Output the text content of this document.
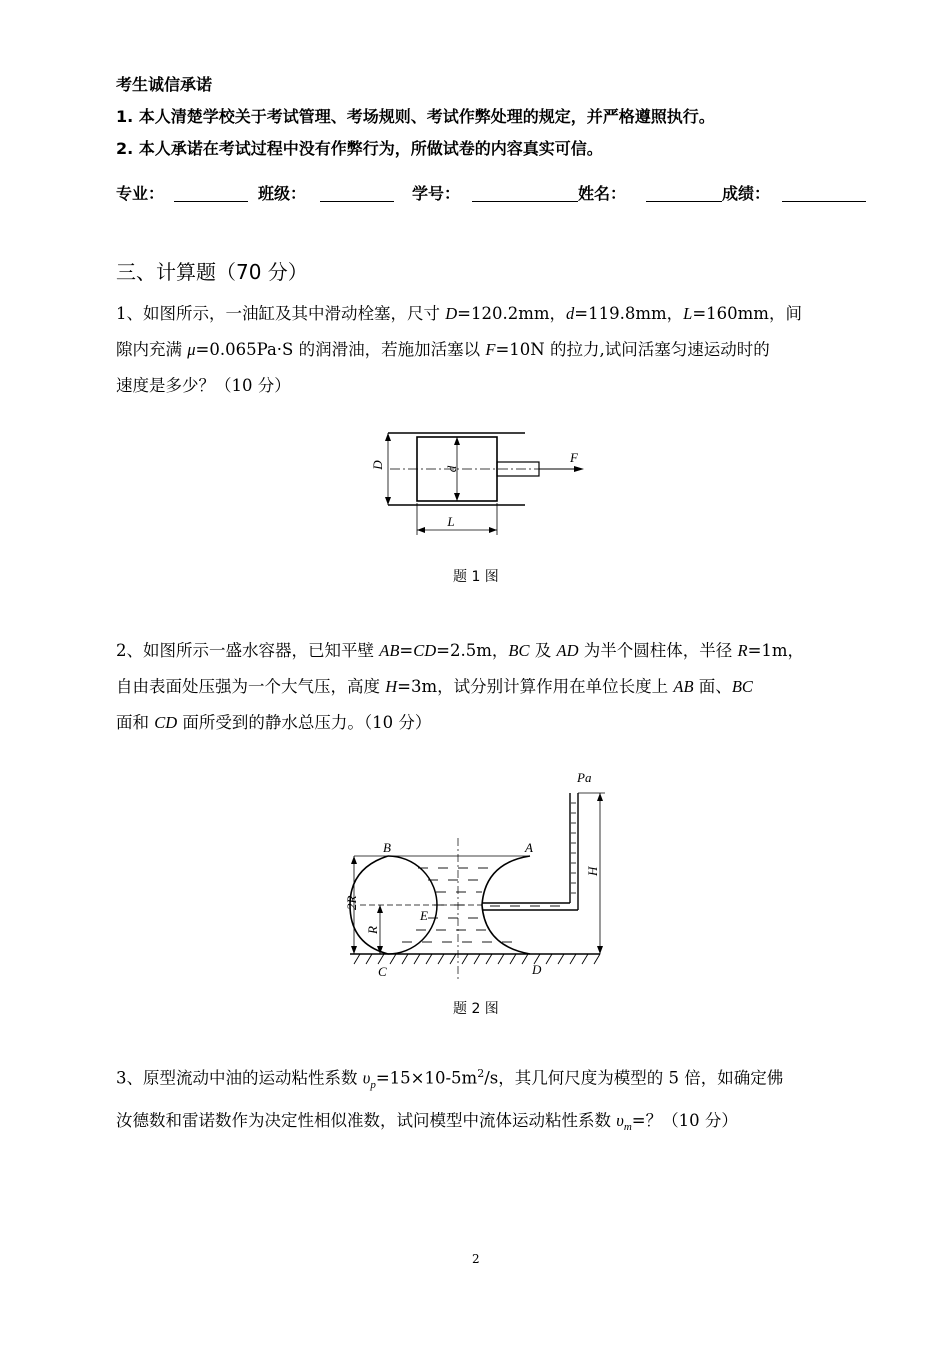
考生诚信承诺
1. 本人清楚学校关于考试管理、考场规则、考试作弊处理的规定，并严格遵照执行。
2. 本人承诺在考试过程中没有作弊行为，所做试卷的内容真实可信。
专业：	班级：	学号：	姓名：	成绩：
三、计算题（70 分）
1、如图所示，一油缸及其中滑动栓塞，尺寸 D=120.2mm，d=119.8mm，L=160mm，间
隙内充满 μ=0.065Pa·S 的润滑油，若施加活塞以 F=10N 的拉力,试问活塞匀速运动时的
速度是多少？（10 分）
D	d
F
L
题 1 图
2、如图所示一盛水容器，已知平壁 AB=CD=2.5m，BC 及 AD 为半个圆柱体，半径 R=1m，
自由表面处压强为一个大气压，高度 H=3m，试分别计算作用在单位长度上 AB 面、BC
面和 CD 面所受到的静水总压力。（10 分）
Pa
A
B
C	D
E
H
R
2R
题 2 图
3、原型流动中油的运动粘性系数 $\upsilon_p=15\times 10-5m^2/s$，其几何尺度为模型的 5 倍，如确定佛
汝德数和雷诺数作为决定性相似准数，试问模型中流体运动粘性系数 $\upsilon_m=$？（10 分）
2
